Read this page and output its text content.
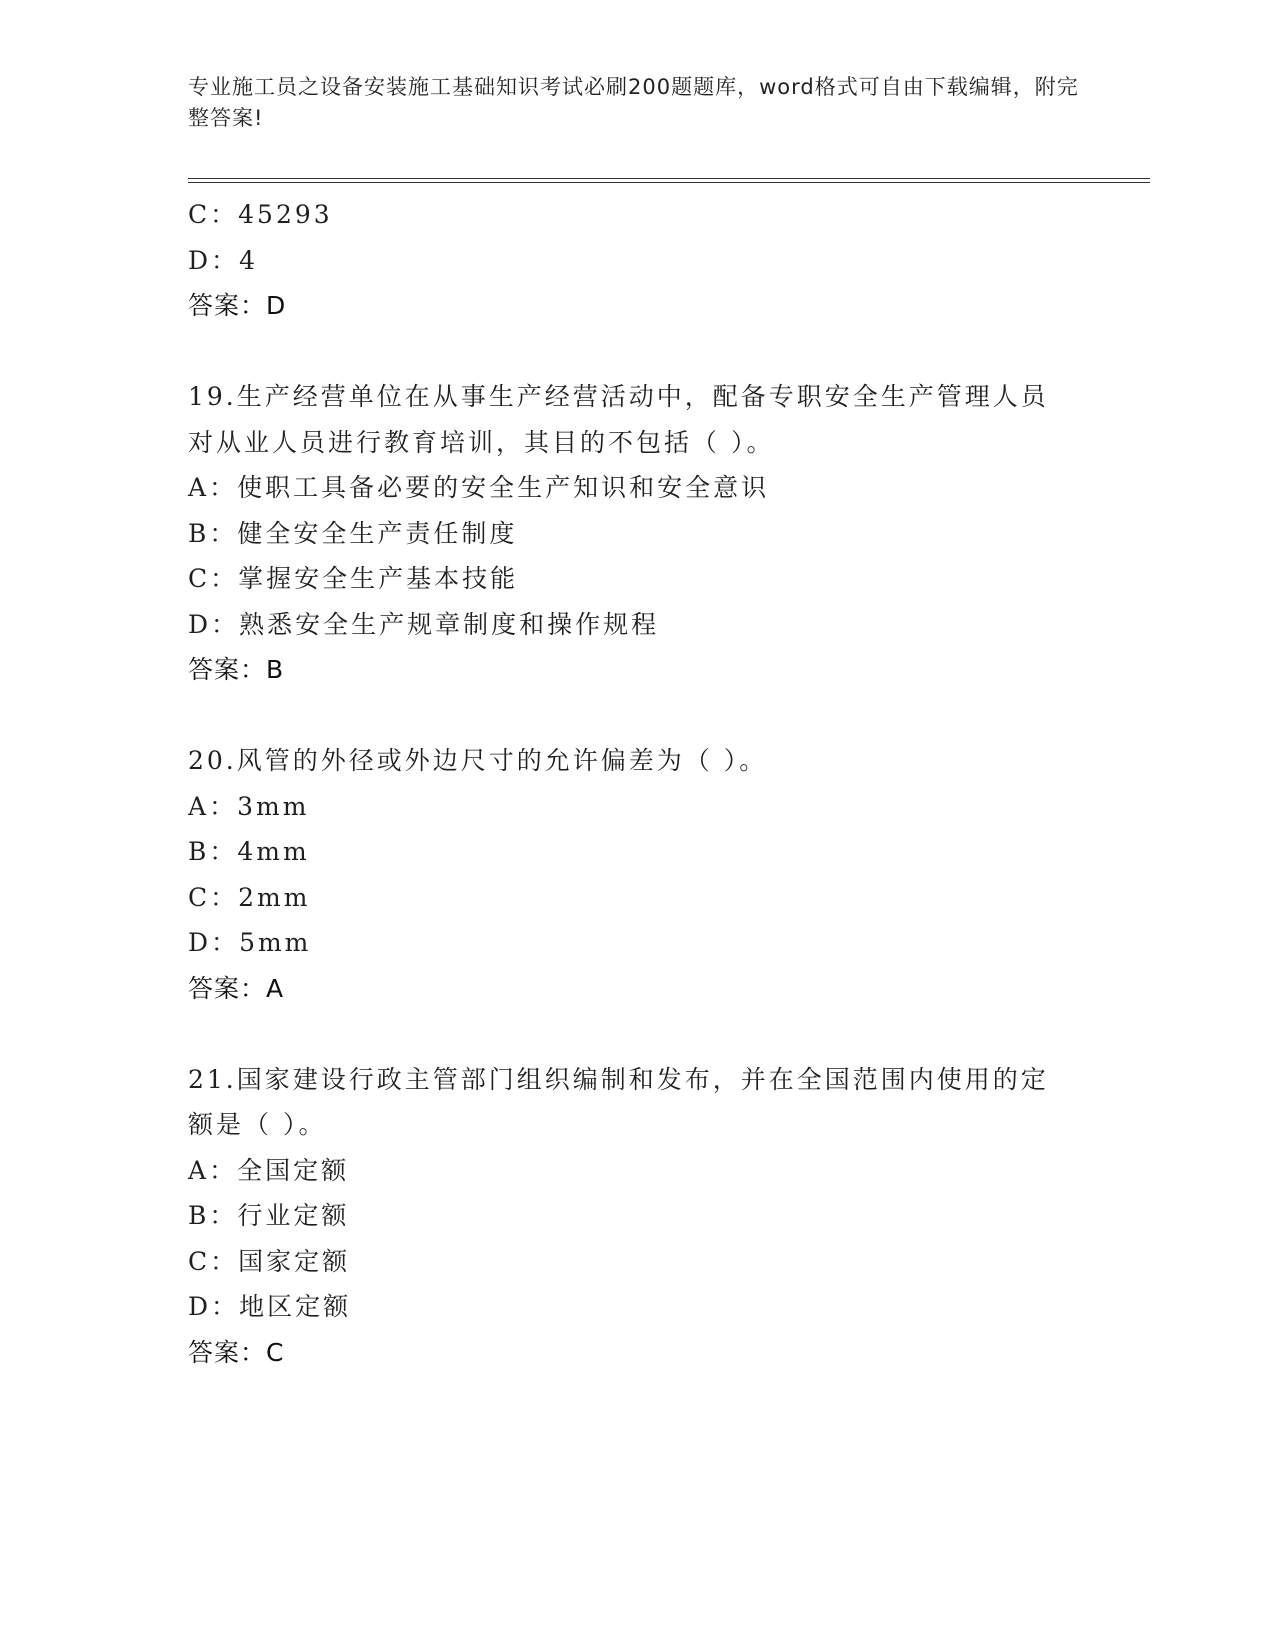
专业施工员之设备安装施工基础知识考试必刷200题题库，word格式可自由下载编辑，附完整答案!
C：45293
D：4
答案：D
19.生产经营单位在从事生产经营活动中，配备专职安全生产管理人员对从业人员进行教育培训，其目的不包括（ ）。
A：使职工具备必要的安全生产知识和安全意识
B：健全安全生产责任制度
C：掌握安全生产基本技能
D：熟悉安全生产规章制度和操作规程
答案：B
20.风管的外径或外边尺寸的允许偏差为（ ）。
A：3mm
B：4mm
C：2mm
D：5mm
答案：A
21.国家建设行政主管部门组织编制和发布，并在全国范围内使用的定额是（ ）。
A：全国定额
B：行业定额
C：国家定额
D：地区定额
答案：C
